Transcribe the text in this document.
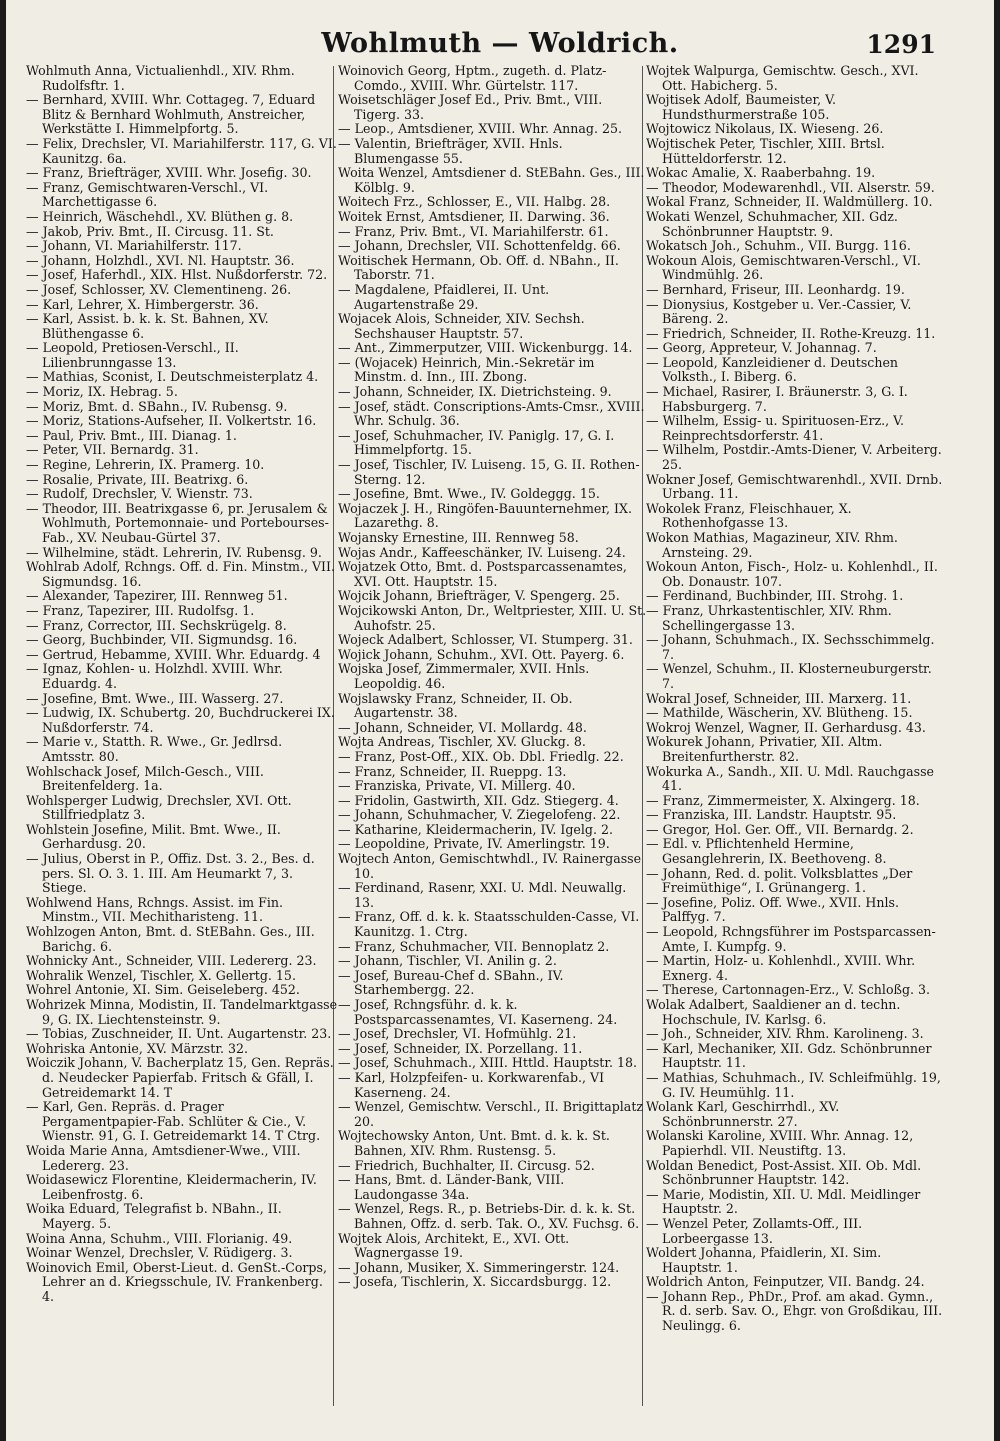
Wohlmuth — Woldrich.	1291
Wohlmuth Anna, Victualienhdl., XIV. Rhm. Rudolfsftr. 1.
— Bernhard, XVIII. Whr. Cottageg. 7, Eduard Blitz & Bernhard Wohlmuth, Anstreicher, Werkstätte I. Himmelpfortg. 5.
— Felix, Drechsler, VI. Mariahilferstr. 117, G. VI. Kaunitzg. 6a.
— Franz, Briefträger, XVIII. Whr. Josefig. 30.
— Franz, Gemischtwaren-Verschl., VI. Marchettigasse 6.
— Heinrich, Wäschehdl., XV. Blüthen g. 8.
— Jakob, Priv. Bmt., II. Circusg. 11. St.
— Johann, VI. Mariahilferstr. 117.
— Johann, Holzhdl., XVI. Nl. Hauptstr. 36.
— Josef, Haferhdl., XIX. Hlst. Nußdorferstr. 72.
— Josef, Schlosser, XV. Clementineng. 26.
— Karl, Lehrer, X. Himbergerstr. 36.
— Karl, Assist. b. k. k. St. Bahnen, XV. Blüthengasse 6.
— Leopold, Pretiosen-Verschl., II. Lilienbrunngasse 13.
— Mathias, Sconist, I. Deutschmeisterplatz 4.
— Moriz, IX. Hebrag. 5.
— Moriz, Bmt. d. SBahn., IV. Rubensg. 9.
— Moriz, Stations-Aufseher, II. Volkertstr. 16.
— Paul, Priv. Bmt., III. Dianag. 1.
— Peter, VII. Bernardg. 31.
— Regine, Lehrerin, IX. Pramerg. 10.
— Rosalie, Private, III. Beatrixg. 6.
— Rudolf, Drechsler, V. Wienstr. 73.
— Theodor, III. Beatrixgasse 6, pr. Jerusalem & Wohlmuth, Portemonnaie- und Portebourses-Fab., XV. Neubau-Gürtel 37.
— Wilhelmine, städt. Lehrerin, IV. Rubensg. 9.
Wohlrab Adolf, Rchngs. Off. d. Fin. Minstm., VII. Sigmundsg. 16.
— Alexander, Tapezirer, III. Rennweg 51.
— Franz, Tapezirer, III. Rudolfsg. 1.
— Franz, Corrector, III. Sechskrügelg. 8.
— Georg, Buchbinder, VII. Sigmundsg. 16.
— Gertrud, Hebamme, XVIII. Whr. Eduardg. 4
— Ignaz, Kohlen- u. Holzhdl. XVIII. Whr. Eduardg. 4.
— Josefine, Bmt. Wwe., III. Wasserg. 27.
— Ludwig, IX. Schubertg. 20, Buchdruckerei IX. Nußdorferstr. 74.
— Marie v., Statth. R. Wwe., Gr. Jedlrsd. Amtsstr. 80.
Wohlschack Josef, Milch-Gesch., VIII. Breitenfelderg. 1a.
Wohlsperger Ludwig, Drechsler, XVI. Ott. Stillfriedplatz 3.
Wohlstein Josefine, Milit. Bmt. Wwe., II. Gerhardusg. 20.
— Julius, Oberst in P., Offiz. Dst. 3. 2., Bes. d. pers. Sl. O. 3. 1. III. Am Heumarkt 7, 3. Stiege.
Wohlwend Hans, Rchngs. Assist. im Fin. Minstm., VII. Mechitharisteng. 11.
Wohlzogen Anton, Bmt. d. StEBahn. Ges., III. Barichg. 6.
Wohnicky Ant., Schneider, VIII. Ledererg. 23.
Wohralik Wenzel, Tischler, X. Gellertg. 15.
Wohrel Antonie, XI. Sim. Geiseleberg. 452.
Wohrizek Minna, Modistin, II. Tandelmarktgasse 9, G. IX. Liechtensteinstr. 9.
— Tobias, Zuschneider, II. Unt. Augartenstr. 23.
Wohriska Antonie, XV. Märzstr. 32.
Woiczik Johann, V. Bacherplatz 15, Gen. Repräs. d. Neudecker Papierfab. Fritsch & Gfäll, I. Getreidemarkt 14. T
— Karl, Gen. Repräs. d. Prager Pergamentpapier-Fab. Schlüter & Cie., V. Wienstr. 91, G. I. Getreidemarkt 14. T Ctrg.
Woida Marie Anna, Amtsdiener-Wwe., VIII. Ledererg. 23.
Woidasewicz Florentine, Kleidermacherin, IV. Leibenfrostg. 6.
Woika Eduard, Telegrafist b. NBahn., II. Mayerg. 5.
Woina Anna, Schuhm., VIII. Florianig. 49.
Woinar Wenzel, Drechsler, V. Rüdigerg. 3.
Woinovich Emil, Oberst-Lieut. d. GenSt.-Corps, Lehrer an d. Kriegsschule, IV. Frankenberg. 4.
Woinovich Georg, Hptm., zugeth. d. Platz-Comdo., XVIII. Whr. Gürtelstr. 117.
Woisetschläger Josef Ed., Priv. Bmt., VIII. Tigerg. 33.
— Leop., Amtsdiener, XVIII. Whr. Annag. 25.
— Valentin, Briefträger, XVII. Hnls. Blumengasse 55.
Woita Wenzel, Amtsdiener d. StEBahn. Ges., III. Kölblg. 9.
Woitech Frz., Schlosser, E., VII. Halbg. 28.
Woitek Ernst, Amtsdiener, II. Darwing. 36.
— Franz, Priv. Bmt., VI. Mariahilferstr. 61.
— Johann, Drechsler, VII. Schottenfeldg. 66.
Woitischek Hermann, Ob. Off. d. NBahn., II. Taborstr. 71.
— Magdalene, Pfaidlerei, II. Unt. Augartenstraße 29.
Wojacek Alois, Schneider, XIV. Sechsh. Sechshauser Hauptstr. 57.
— Ant., Zimmerputzer, VIII. Wickenburgg. 14.
— (Wojacek) Heinrich, Min.-Sekretär im Minstm. d. Inn., III. Zbong.
— Johann, Schneider, IX. Dietrichsteing. 9.
— Josef, städt. Conscriptions-Amts-Cmsr., XVIII. Whr. Schulg. 36.
— Josef, Schuhmacher, IV. Paniglg. 17, G. I. Himmelpfortg. 15.
— Josef, Tischler, IV. Luiseng. 15, G. II. Rothen-Sterng. 12.
— Josefine, Bmt. Wwe., IV. Goldeggg. 15.
Wojaczek J. H., Ringöfen-Bauunternehmer, IX. Lazarethg. 8.
Wojansky Ernestine, III. Rennweg 58.
Wojas Andr., Kaffeeschänker, IV. Luiseng. 24.
Wojatzek Otto, Bmt. d. Postsparcassenamtes, XVI. Ott. Hauptstr. 15.
Wojcik Johann, Briefträger, V. Spengerg. 25.
Wojcikowski Anton, Dr., Weltpriester, XIII. U. St. Auhofstr. 25.
Wojeck Adalbert, Schlosser, VI. Stumperg. 31.
Wojick Johann, Schuhm., XVI. Ott. Payerg. 6.
Wojska Josef, Zimmermaler, XVII. Hnls. Leopoldig. 46.
Wojslawsky Franz, Schneider, II. Ob. Augartenstr. 38.
— Johann, Schneider, VI. Mollardg. 48.
Wojta Andreas, Tischler, XV. Gluckg. 8.
— Franz, Post-Off., XIX. Ob. Dbl. Friedlg. 22.
— Franz, Schneider, II. Rueppg. 13.
— Franziska, Private, VI. Millerg. 40.
— Fridolin, Gastwirth, XII. Gdz. Stiegerg. 4.
— Johann, Schuhmacher, V. Ziegelofeng. 22.
— Katharine, Kleidermacherin, IV. Igelg. 2.
— Leopoldine, Private, IV. Amerlingstr. 19.
Wojtech Anton, Gemischtwhdl., IV. Rainergasse 10.
— Ferdinand, Rasenr, XXI. U. Mdl. Neuwallg. 13.
— Franz, Off. d. k. k. Staatsschulden-Casse, VI. Kaunitzg. 1. Ctrg.
— Franz, Schuhmacher, VII. Bennoplatz 2.
— Johann, Tischler, VI. Anilin g. 2.
— Josef, Bureau-Chef d. SBahn., IV. Starhembergg. 22.
— Josef, Rchngsführ. d. k. k. Postsparcassenamtes, VI. Kaserneng. 24.
— Josef, Drechsler, VI. Hofmühlg. 21.
— Josef, Schneider, IX. Porzellang. 11.
— Josef, Schuhmach., XIII. Httld. Hauptstr. 18.
— Karl, Holzpfeifen- u. Korkwarenfab., VI Kaserneng. 24.
— Wenzel, Gemischtw. Verschl., II. Brigittaplatz 20.
Wojtechowsky Anton, Unt. Bmt. d. k. k. St. Bahnen, XIV. Rhm. Rustensg. 5.
— Friedrich, Buchhalter, II. Circusg. 52.
— Hans, Bmt. d. Länder-Bank, VIII. Laudongasse 34a.
— Wenzel, Regs. R., p. Betriebs-Dir. d. k. k. St. Bahnen, Offz. d. serb. Tak. O., XV. Fuchsg. 6.
Wojtek Alois, Architekt, E., XVI. Ott. Wagnergasse 19.
— Johann, Musiker, X. Simmeringerstr. 124.
— Josefa, Tischlerin, X. Siccardsburgg. 12.
Wojtek Walpurga, Gemischtw. Gesch., XVI. Ott. Habicherg. 5.
Wojtisek Adolf, Baumeister, V. Hundsthurmerstraße 105.
Wojtowicz Nikolaus, IX. Wieseng. 26.
Wojtischek Peter, Tischler, XIII. Brtsl. Hütteldorferstr. 12.
Wokac Amalie, X. Raaberbahng. 19.
— Theodor, Modewarenhdl., VII. Alserstr. 59.
Wokal Franz, Schneider, II. Waldmüllerg. 10.
Wokati Wenzel, Schuhmacher, XII. Gdz. Schönbrunner Hauptstr. 9.
Wokatsch Joh., Schuhm., VII. Burgg. 116.
Wokoun Alois, Gemischtwaren-Verschl., VI. Windmühlg. 26.
— Bernhard, Friseur, III. Leonhardg. 19.
— Dionysius, Kostgeber u. Ver.-Cassier, V. Bäreng. 2.
— Friedrich, Schneider, II. Rothe-Kreuzg. 11.
— Georg, Appreteur, V. Johannag. 7.
— Leopold, Kanzleidiener d. Deutschen Volksth., I. Biberg. 6.
— Michael, Rasirer, I. Bräunerstr. 3, G. I. Habsburgerg. 7.
— Wilhelm, Essig- u. Spirituosen-Erz., V. Reinprechtsdorferstr. 41.
— Wilhelm, Postdir.-Amts-Diener, V. Arbeiterg. 25.
Wokner Josef, Gemischtwarenhdl., XVII. Drnb. Urbang. 11.
Wokolek Franz, Fleischhauer, X. Rothenhofgasse 13.
Wokon Mathias, Magazineur, XIV. Rhm. Arnsteing. 29.
Wokoun Anton, Fisch-, Holz- u. Kohlenhdl., II. Ob. Donaustr. 107.
— Ferdinand, Buchbinder, III. Strohg. 1.
— Franz, Uhrkastentischler, XIV. Rhm. Schellingergasse 13.
— Johann, Schuhmach., IX. Sechsschimmelg. 7.
— Wenzel, Schuhm., II. Klosterneuburgerstr. 7.
Wokral Josef, Schneider, III. Marxerg. 11.
— Mathilde, Wäscherin, XV. Blütheng. 15.
Wokroj Wenzel, Wagner, II. Gerhardusg. 43.
Wokurek Johann, Privatier, XII. Altm. Breitenfurtherstr. 82.
Wokurka A., Sandh., XII. U. Mdl. Rauchgasse 41.
— Franz, Zimmermeister, X. Alxingerg. 18.
— Franziska, III. Landstr. Hauptstr. 95.
— Gregor, Hol. Ger. Off., VII. Bernardg. 2.
— Edl. v. Pflichtenheld Hermine, Gesanglehrerin, IX. Beethoveng. 8.
— Johann, Red. d. polit. Volksblattes „Der Freimüthige“, I. Grünangerg. 1.
— Josefine, Poliz. Off. Wwe., XVII. Hnls. Palffyg. 7.
— Leopold, Rchngsführer im Postsparcassen-Amte, I. Kumpfg. 9.
— Martin, Holz- u. Kohlenhdl., XVIII. Whr. Exnerg. 4.
— Therese, Cartonnagen-Erz., V. Schloßg. 3.
Wolak Adalbert, Saaldiener an d. techn. Hochschule, IV. Karlsg. 6.
— Joh., Schneider, XIV. Rhm. Karolineng. 3.
— Karl, Mechaniker, XII. Gdz. Schönbrunner Hauptstr. 11.
— Mathias, Schuhmach., IV. Schleifmühlg. 19, G. IV. Heumühlg. 11.
Wolank Karl, Geschirrhdl., XV. Schönbrunnerstr. 27.
Wolanski Karoline, XVIII. Whr. Annag. 12, Papierhdl. VII. Neustiftg. 13.
Woldan Benedict, Post-Assist. XII. Ob. Mdl. Schönbrunner Hauptstr. 142.
— Marie, Modistin, XII. U. Mdl. Meidlinger Hauptstr. 2.
— Wenzel Peter, Zollamts-Off., III. Lorbeergasse 13.
Woldert Johanna, Pfaidlerin, XI. Sim. Hauptstr. 1.
Woldrich Anton, Feinputzer, VII. Bandg. 24.
— Johann Rep., PhDr., Prof. am akad. Gymn., R. d. serb. Sav. O., Ehgr. von Großdikau, III. Neulingg. 6.
